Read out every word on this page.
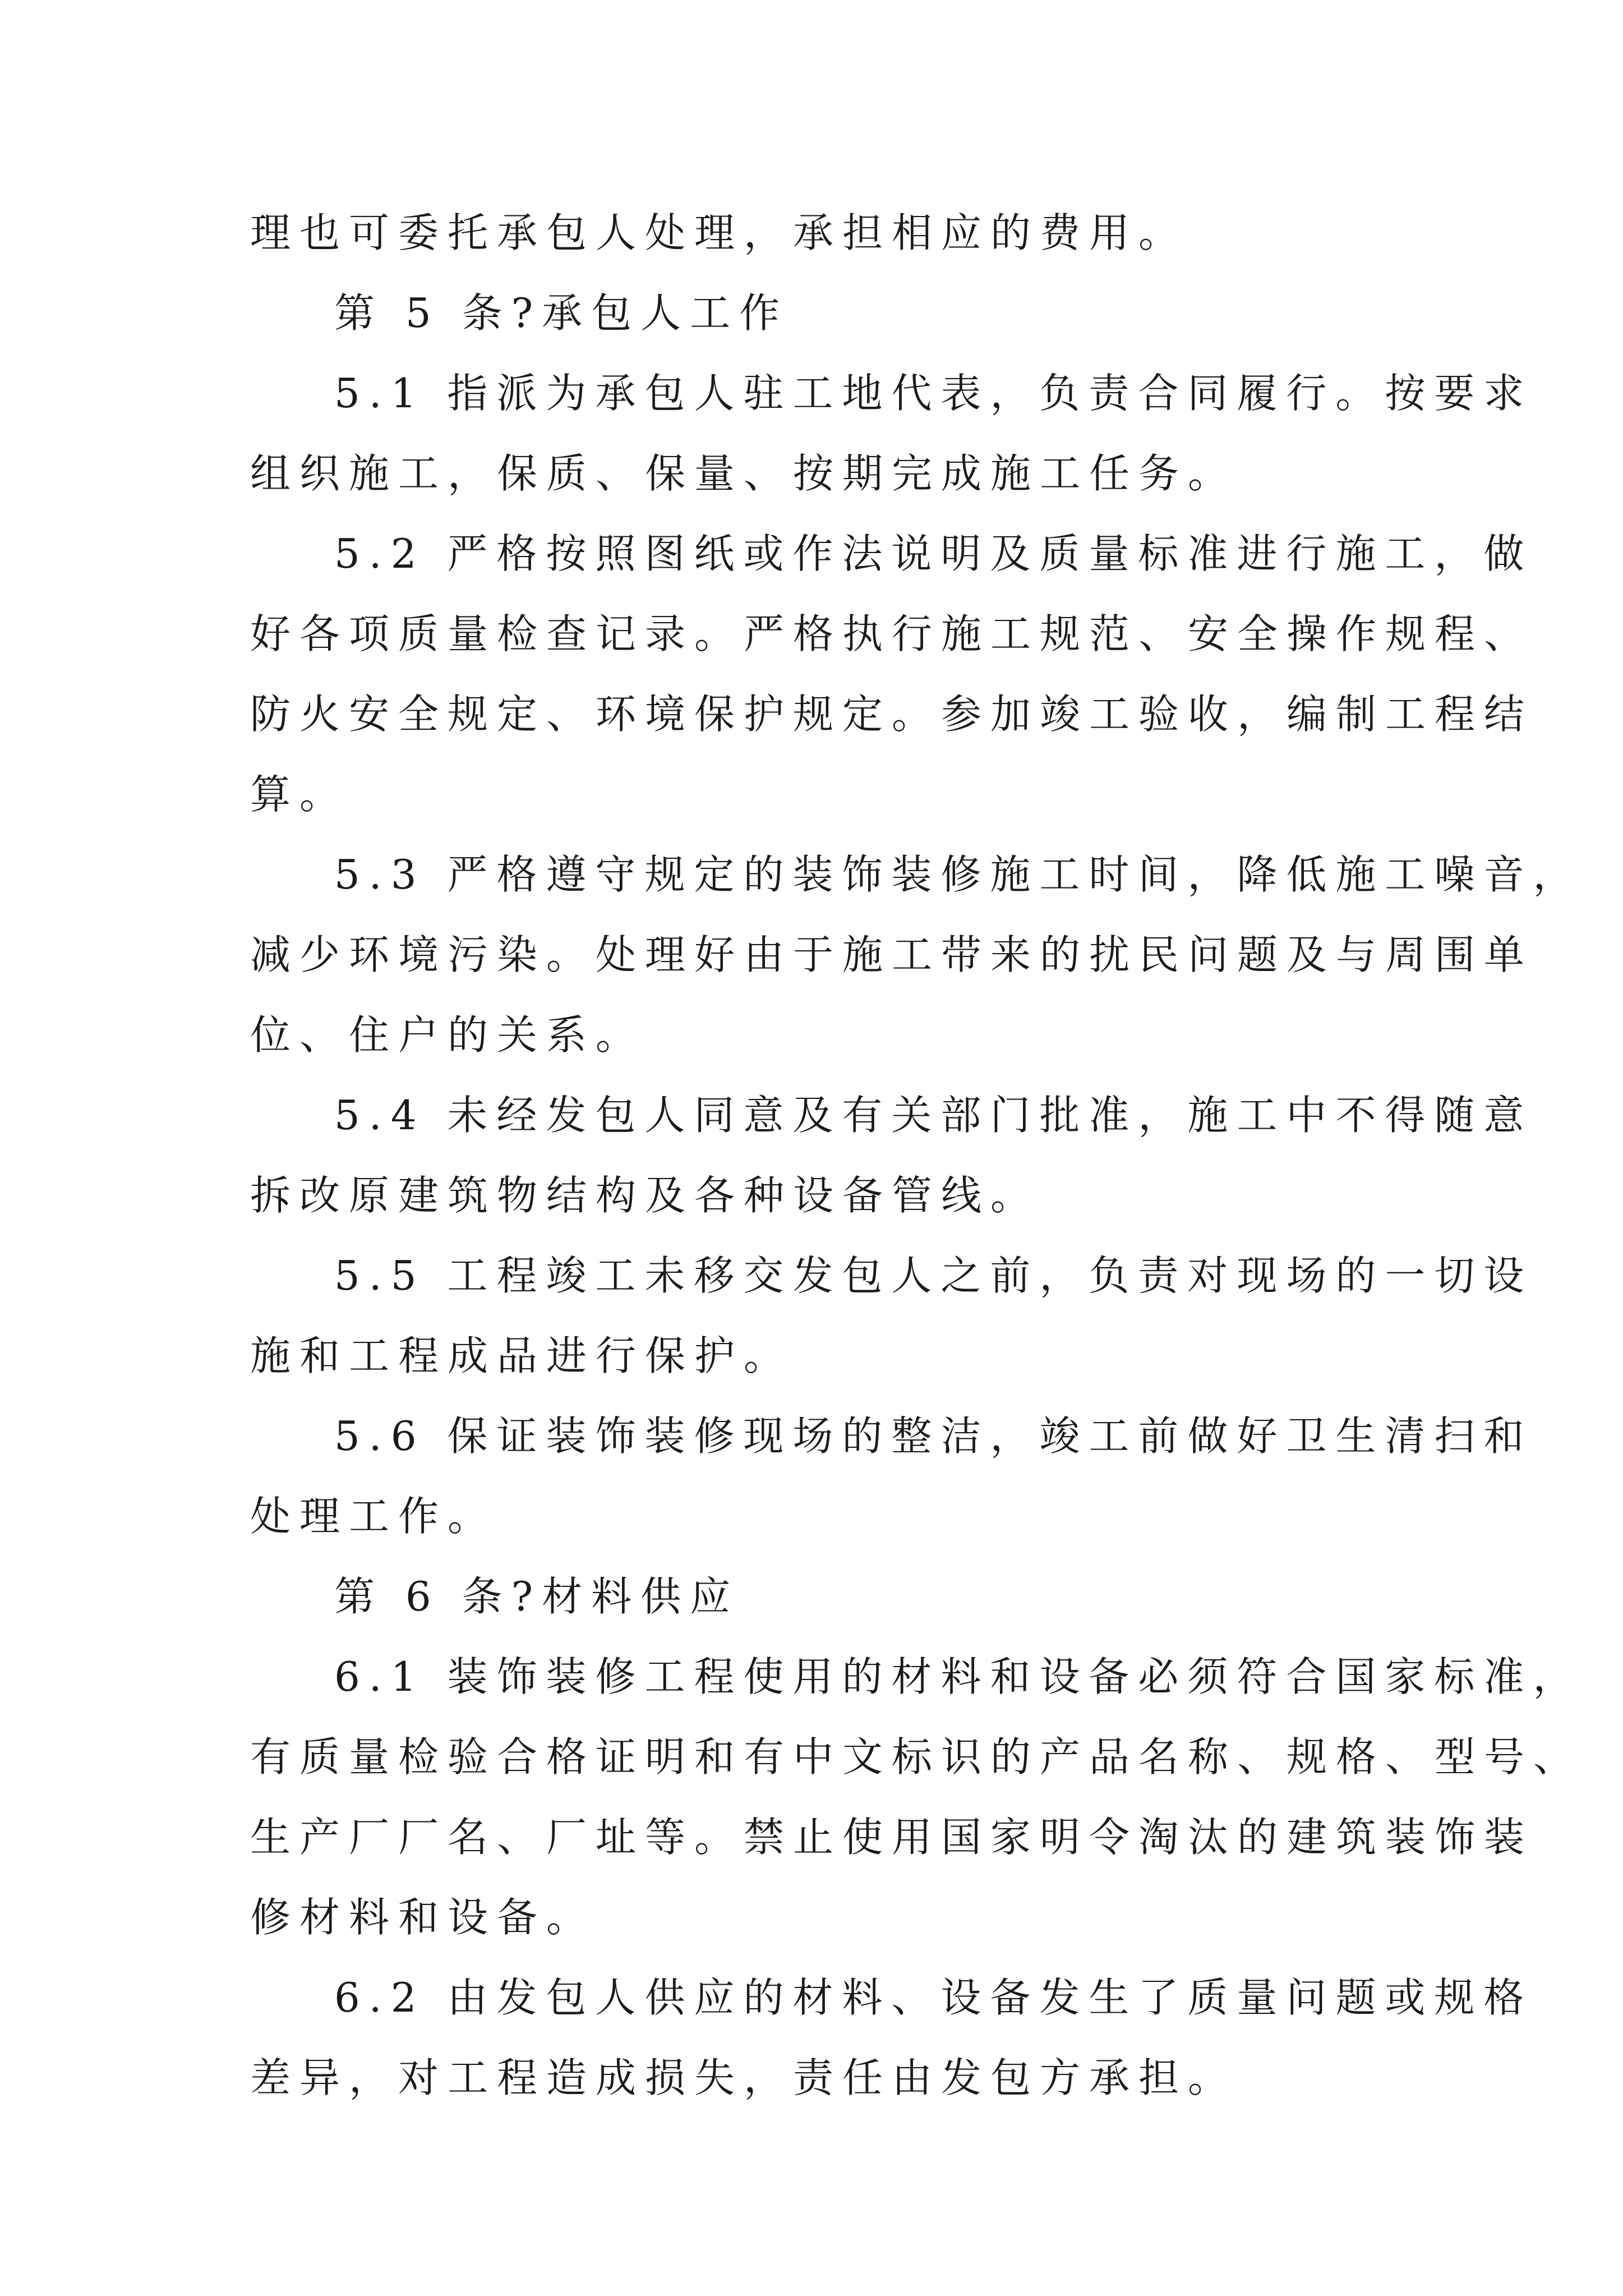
理也可委托承包人处理，承担相应的费用。

第 5 条?承包人工作

5.1 指派为承包人驻工地代表，负责合同履行。按要求

组织施工，保质、保量、按期完成施工任务。

5.2 严格按照图纸或作法说明及质量标准进行施工，做

好各项质量检查记录。严格执行施工规范、安全操作规程、

防火安全规定、环境保护规定。参加竣工验收，编制工程结

算。

5.3 严格遵守规定的装饰装修施工时间，降低施工噪音，

减少环境污染。处理好由于施工带来的扰民问题及与周围单

位、住户的关系。

5.4 未经发包人同意及有关部门批准，施工中不得随意

拆改原建筑物结构及各种设备管线。

5.5 工程竣工未移交发包人之前，负责对现场的一切设

施和工程成品进行保护。

5.6 保证装饰装修现场的整洁，竣工前做好卫生清扫和

处理工作。

第 6 条?材料供应

6.1 装饰装修工程使用的材料和设备必须符合国家标准，

有质量检验合格证明和有中文标识的产品名称、规格、型号、

生产厂厂名、厂址等。禁止使用国家明令淘汰的建筑装饰装

修材料和设备。

6.2 由发包人供应的材料、设备发生了质量问题或规格

差异，对工程造成损失，责任由发包方承担。
